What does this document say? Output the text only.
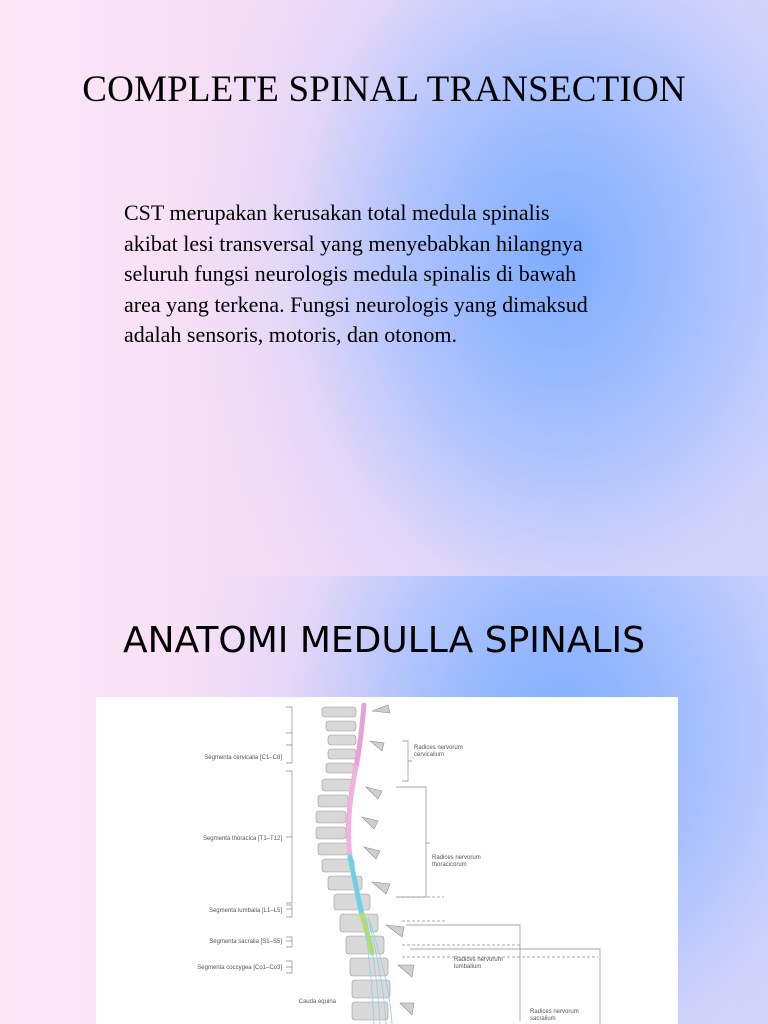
COMPLETE SPINAL TRANSECTION
CST merupakan kerusakan total medula spinalis
akibat lesi transversal yang menyebabkan hilangnya
seluruh fungsi neurologis medula spinalis di bawah
area yang terkena. Fungsi neurologis yang dimaksud
adalah sensoris, motoris, dan otonom.
ANATOMI MEDULLA SPINALIS
Segmenta cervicalia [C1–C8]
Segmenta thoracica [T1–T12]
Segmenta lumbalia [L1–L5]
Segmenta sacralia [S1–S5]
Segmenta coccygea [Co1–Co3]
Cauda equina
Radices nervorum cervicalium
Radices nervorum thoracicorum
Radices nervorum lumbalium
Radices nervorum sacralium
